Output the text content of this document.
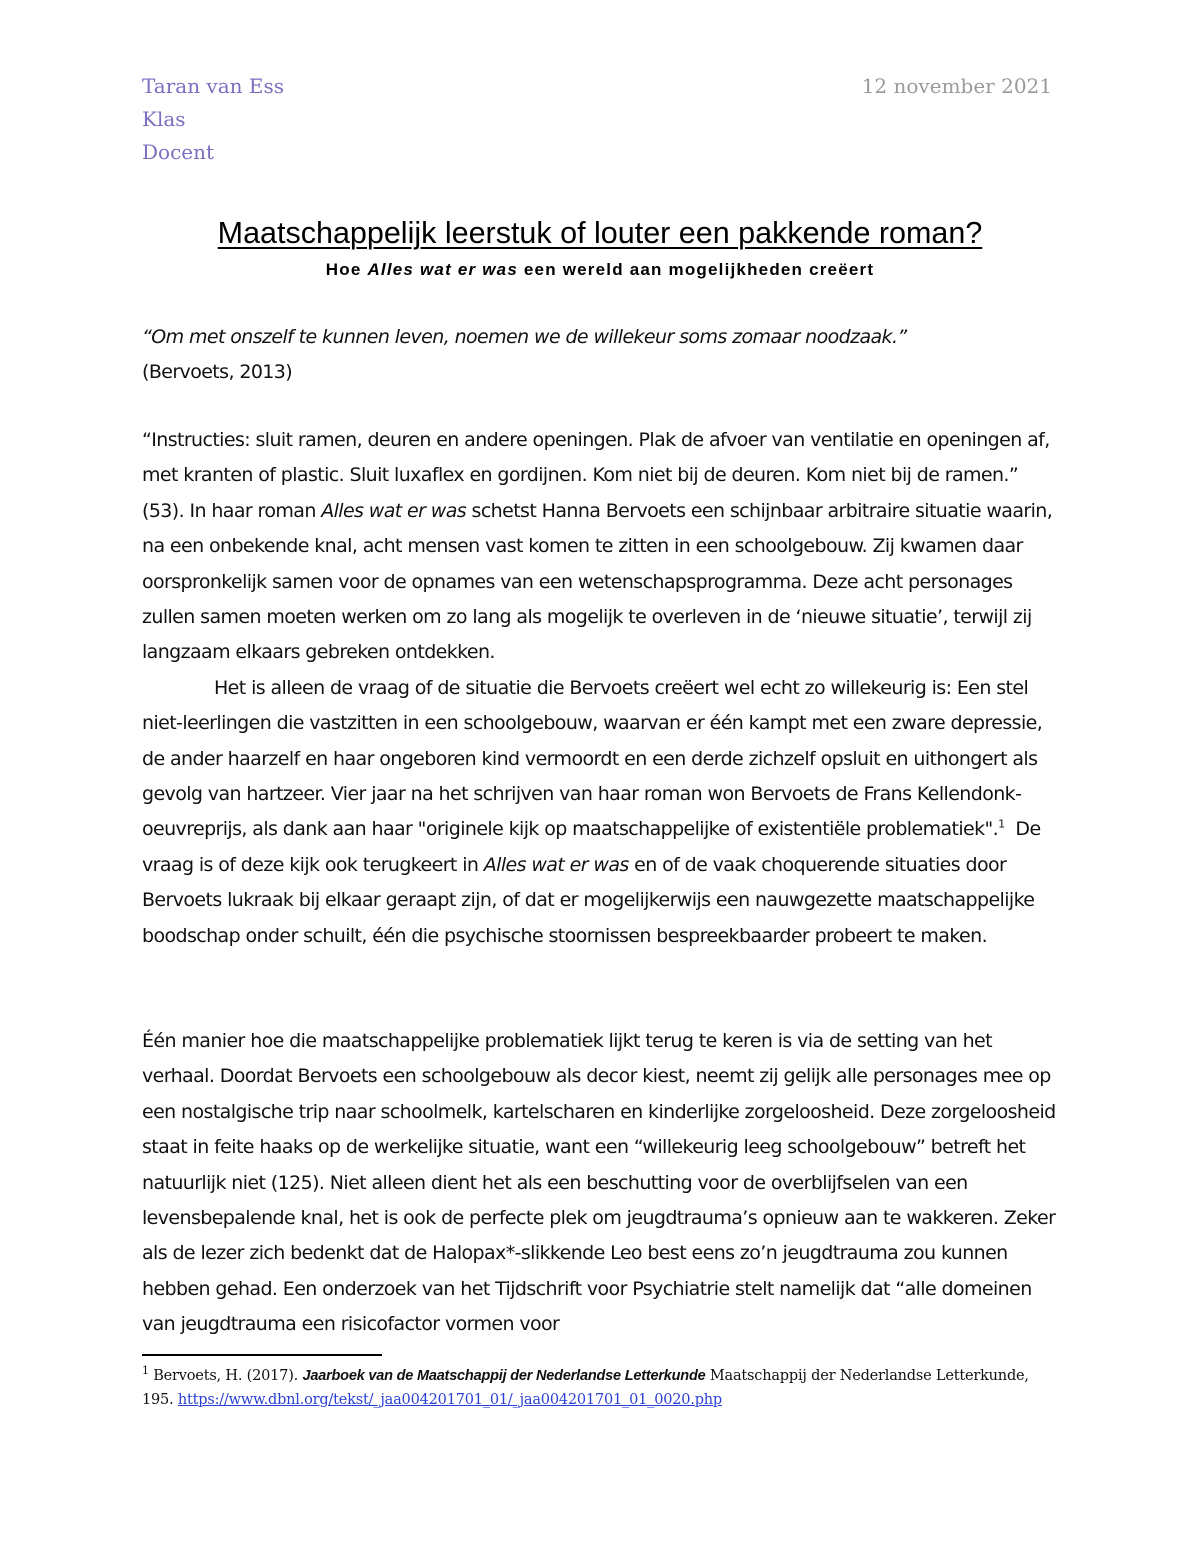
Taran van Ess
Klas
Docent
12 november 2021
Maatschappelijk leerstuk of louter een pakkende roman?
Hoe Alles wat er was een wereld aan mogelijkheden creëert

“Om met onszelf te kunnen leven, noemen we de willekeur soms zomaar noodzaak.”

(Bervoets, 2013)

“Instructies: sluit ramen, deuren en andere openingen. Plak de afvoer van ventilatie en openingen af, met kranten of plastic. Sluit luxaflex en gordijnen. Kom niet bij de deuren. Kom niet bij de ramen.” (53). In haar roman Alles wat er was schetst Hanna Bervoets een schijnbaar arbitraire situatie waarin, na een onbekende knal, acht mensen vast komen te zitten in een schoolgebouw. Zij kwamen daar oorspronkelijk samen voor de opnames van een wetenschapsprogramma. Deze acht personages zullen samen moeten werken om zo lang als mogelijk te overleven in de ‘nieuwe situatie’, terwijl zij langzaam elkaars gebreken ontdekken.

Het is alleen de vraag of de situatie die Bervoets creëert wel echt zo willekeurig is: Een stel niet-leerlingen die vastzitten in een schoolgebouw, waarvan er één kampt met een zware depressie, de ander haarzelf en haar ongeboren kind vermoordt en een derde zichzelf opsluit en uithongert als gevolg van hartzeer. Vier jaar na het schrijven van haar roman won Bervoets de Frans Kellendonk-oeuvreprijs, als dank aan haar "originele kijk op maatschappelijke of existentiële problematiek".$^1$  De vraag is of deze kijk ook terugkeert in Alles wat er was en of de vaak choquerende situaties door Bervoets lukraak bij elkaar geraapt zijn, of dat er mogelijkerwijs een nauwgezette maatschappelijke boodschap onder schuilt, één die psychische stoornissen bespreekbaarder probeert te maken.

Één manier hoe die maatschappelijke problematiek lijkt terug te keren is via de setting van het verhaal. Doordat Bervoets een schoolgebouw als decor kiest, neemt zij gelijk alle personages mee op een nostalgische trip naar schoolmelk, kartelscharen en kinderlijke zorgeloosheid. Deze zorgeloosheid staat in feite haaks op de werkelijke situatie, want een “willekeurig leeg schoolgebouw” betreft het natuurlijk niet (125). Niet alleen dient het als een beschutting voor de overblijfselen van een levensbepalende knal, het is ook de perfecte plek om jeugdtrauma’s opnieuw aan te wakkeren. Zeker als de lezer zich bedenkt dat de Halopax*-slikkende Leo best eens zo’n jeugdtrauma zou kunnen hebben gehad. Een onderzoek van het Tijdschrift voor Psychiatrie stelt namelijk dat “alle domeinen van jeugdtrauma een risicofactor vormen voor

$^1$ Bervoets, H. (2017). Jaarboek van de Maatschappij der Nederlandse Letterkunde Maatschappij der Nederlandse Letterkunde, 195. https://www.dbnl.org/tekst/_jaa004201701_01/_jaa004201701_01_0020.php
